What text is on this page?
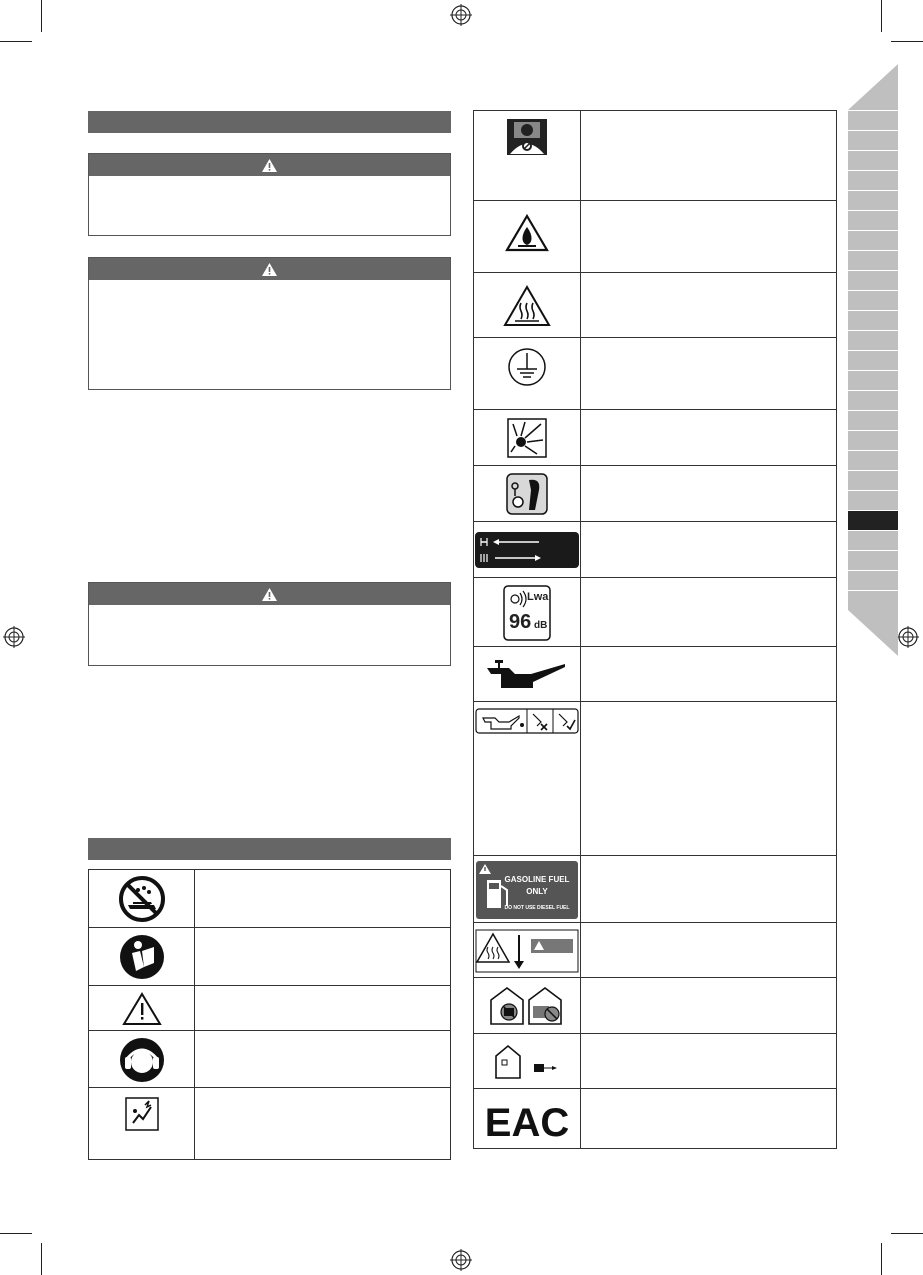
Lwa
96 dB
GASOLINE FUEL
ONLY
DO NOT USE DIESEL FUEL
EAC
